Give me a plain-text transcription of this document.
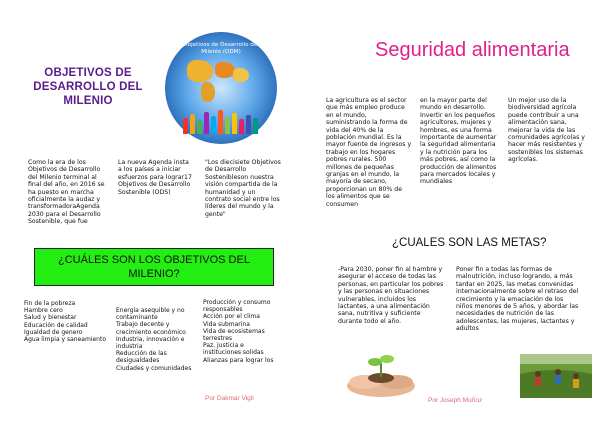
OBJETIVOS DE DESARROLLO DEL MILENIO
Objetivos de Desarrollo del Milenio (ODM)
Como la era de los Objetivos de Desarrollo del Milenio terminal al final del año, en 2016 se ha puesto en marcha oficialmente la audaz y transformadoraAgenda 2030 para el Desarrollo Sostenible, que fue
La nueva Agenda insta a los países a iniciar esfuerzos para lograr17 Objetivos de Desarrollo Sostenible (ODS)
"Los diecisiete Objetivos de Desarrollo Sostenibleson nuestra visión compartida de la humanidad y un contrato social entre los líderes del mundo y la gente"
¿CUÁLES SON LOS OBJETIVOS DEL MILENIO?
Fin de la pobreza
Hambre cero
Salud y bienestar
Educación de calidad
Igualdad de genero
Agua limpia y saneamiento
Energía asequible y no contaminante
Trabajo decente y crecimiento económico
Industria, innovación e industria
Reducción de las desigualdades
Ciudades y comunidades
Producción y consumo responsables
Acción por el clima
Vida submarina
Vida de ecosistemas terrestres
Paz, justicia e instituciones solidas
Alianzas para lograr los
Por Dakmar Vigil
Seguridad alimentaria
La agricultura es el sector que más empleo produce en el mundo, suministrando la forma de vida del 40% de la población mundial. Es la mayor fuente de ingresos y trabajo en los hogares pobres rurales. 500 millones de pequeñas granjas en el mundo, la mayoría de secano, proporcionan un 80% de los alimentos que se consumen
en la mayor parte del mundo en desarrollo. Invertir en los pequeños agricultores, mujeres y hombres, es una forma importante de aumentar la seguridad alimentaria y la nutrición para los más pobres, así como la producción de alimentos para mercados locales y mundiales
Un mejor uso de la biodiversidad agrícola puede contribuir a una alimentación sana, mejorar la vida de las comunidades agrícolas y hacer más resistentes y sostenibles los sistemas agrícolas.
¿CUALES SON LAS METAS?
-Para 2030, poner fin al hambre y asegurar el acceso de todas las personas, en particular los pobres y las personas en situaciones vulnerables, incluidos los lactantes, a una alimentación sana, nutritiva y suficiente durante todo el año.
Poner fin a todas las formas de malnutrición, incluso logrando, a más tardar en 2025, las metas convenidas internacionalmente sobre el retraso del crecimiento y la emaciación de los niños menores de 5 años, y abordar las necesidades de nutrición de las adolescentes, las mujeres, lactantes y adultos
Por Joseph Muñoz
